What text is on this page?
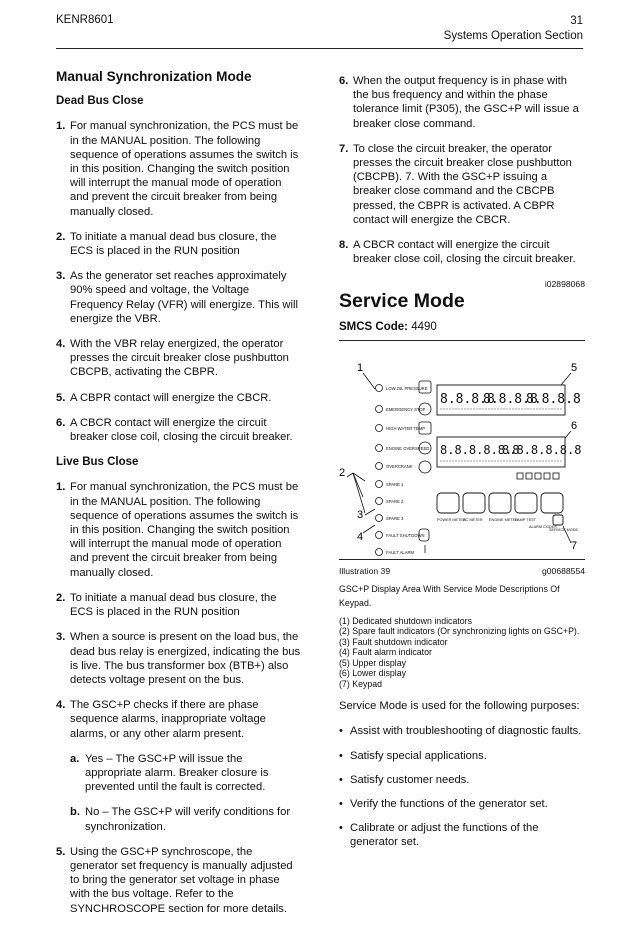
KENR8601	31
Systems Operation Section
Manual Synchronization Mode
Dead Bus Close
1. For manual synchronization, the PCS must be in the MANUAL position. The following sequence of operations assumes the switch is in this position. Changing the switch position will interrupt the manual mode of operation and prevent the circuit breaker from being manually closed.
2. To initiate a manual dead bus closure, the ECS is placed in the RUN position
3. As the generator set reaches approximately 90% speed and voltage, the Voltage Frequency Relay (VFR) will energize. This will energize the VBR.
4. With the VBR relay energized, the operator presses the circuit breaker close pushbutton CBCPB, activating the CBPR.
5. A CBPR contact will energize the CBCR.
6. A CBCR contact will energize the circuit breaker close coil, closing the circuit breaker.
Live Bus Close
1. For manual synchronization, the PCS must be in the MANUAL position. The following sequence of operations assumes the switch is in this position. Changing the switch position will interrupt the manual mode of operation and prevent the circuit breaker from being manually closed.
2. To initiate a manual dead bus closure, the ECS is placed in the RUN position
3. When a source is present on the load bus, the dead bus relay is energized, indicating the bus is live. The bus transformer box (BTB+) also detects voltage present on the bus.
4. The GSC+P checks if there are phase sequence alarms, inappropriate voltage alarms, or any other alarm present.
a. Yes – The GSC+P will issue the appropriate alarm. Breaker closure is prevented until the fault is corrected.
b. No – The GSC+P will verify conditions for synchronization.
5. Using the GSC+P synchroscope, the generator set frequency is manually adjusted to bring the generator set voltage in phase with the bus voltage. Refer to the SYNCHROSCOPE section for more details.
6. When the output frequency is in phase with the bus frequency and within the phase tolerance limit (P305), the GSC+P will issue a breaker close command.
7. To close the circuit breaker, the operator presses the circuit breaker close pushbutton (CBCPB). 7. With the GSC+P issuing a breaker close command and the CBCPB pressed, the CBPR is activated. A CBPR contact will energize the CBCR.
8. A CBCR contact will energize the circuit breaker close coil, closing the circuit breaker.
i02898068
Service Mode
SMCS Code: 4490
1
2
3
4
5
6
7
LOW OIL PRESSURE
EMERGENCY STOP
HIGH WATER TEMP
ENGINE OVERSPEED
OVERCRANK
SPARE 1
SPARE 2
SPARE 3
FAULT SHUTDOWN
FAULT ALARM
8.8.8.8
8.8.8.8
8.8.8.8
8.8.8.8.8.8
8.8.8.8.8.8
POWER METER
AC METER ENGINE METER
LAMP TEST
ALARM CODES
SERVICE MODE
Illustration 39	g00688554
GSC+P Display Area With Service Mode Descriptions Of Keypad.
(1) Dedicated shutdown indicators
(2) Spare fault indicators (Or synchronizing lights on GSC+P).
(3) Fault shutdown indicator
(4) Fault alarm indicator
(5) Upper display
(6) Lower display
(7) Keypad
Service Mode is used for the following purposes:
• Assist with troubleshooting of diagnostic faults.
• Satisfy special applications.
• Satisfy customer needs.
• Verify the functions of the generator set.
• Calibrate or adjust the functions of the generator set.
